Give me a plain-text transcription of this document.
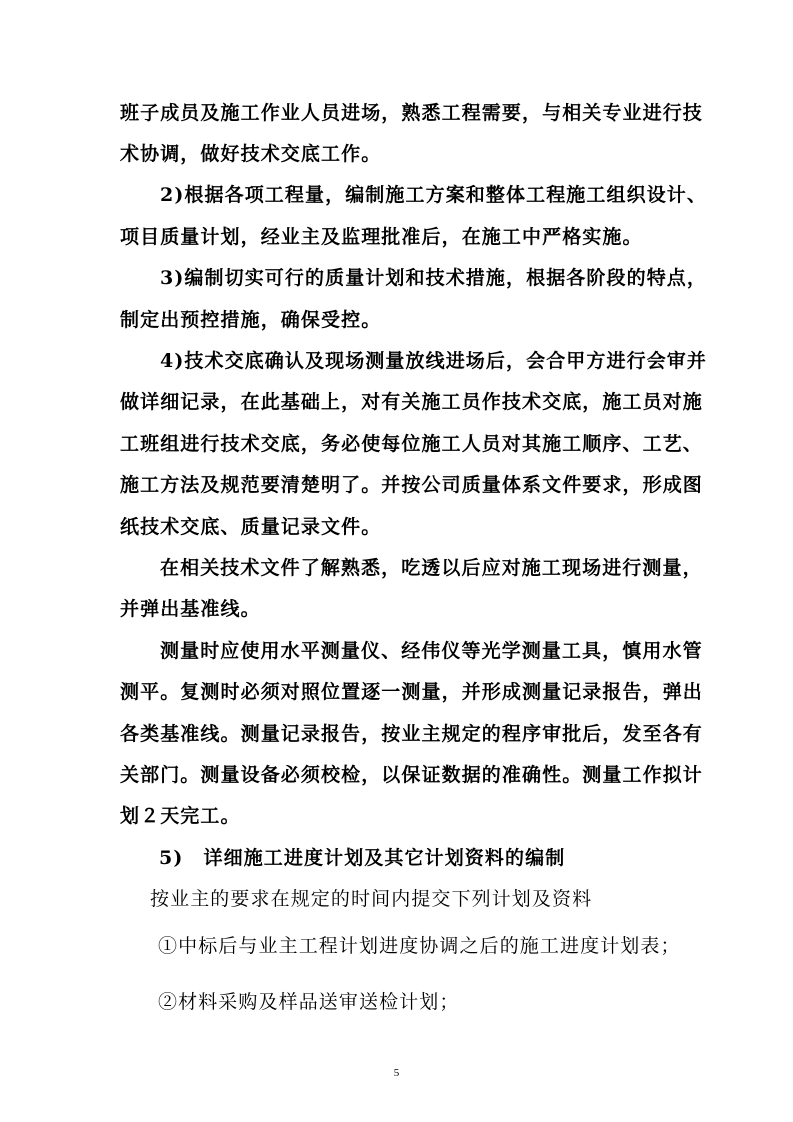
班子成员及施工作业人员进场，熟悉工程需要，与相关专业进行技
术协调，做好技术交底工作。
2)根据各项工程量，编制施工方案和整体工程施工组织设计、
项目质量计划，经业主及监理批准后，在施工中严格实施。
3)编制切实可行的质量计划和技术措施，根据各阶段的特点，
制定出预控措施，确保受控。
4)技术交底确认及现场测量放线进场后，会合甲方进行会审并
做详细记录，在此基础上，对有关施工员作技术交底，施工员对施
工班组进行技术交底，务必使每位施工人员对其施工顺序、工艺、
施工方法及规范要清楚明了。并按公司质量体系文件要求，形成图
纸技术交底、质量记录文件。
在相关技术文件了解熟悉，吃透以后应对施工现场进行测量，
并弹出基准线。
测量时应使用水平测量仪、经伟仪等光学测量工具，慎用水管
测平。复测时必须对照位置逐一测量，并形成测量记录报告，弹出
各类基准线。测量记录报告，按业主规定的程序审批后，发至各有
关部门。测量设备必须校检，以保证数据的准确性。测量工作拟计
划２天完工。
5)　详细施工进度计划及其它计划资料的编制
按业主的要求在规定的时间内提交下列计划及资料
➀中标后与业主工程计划进度协调之后的施工进度计划表；
➁材料采购及样品送审送检计划；
5
